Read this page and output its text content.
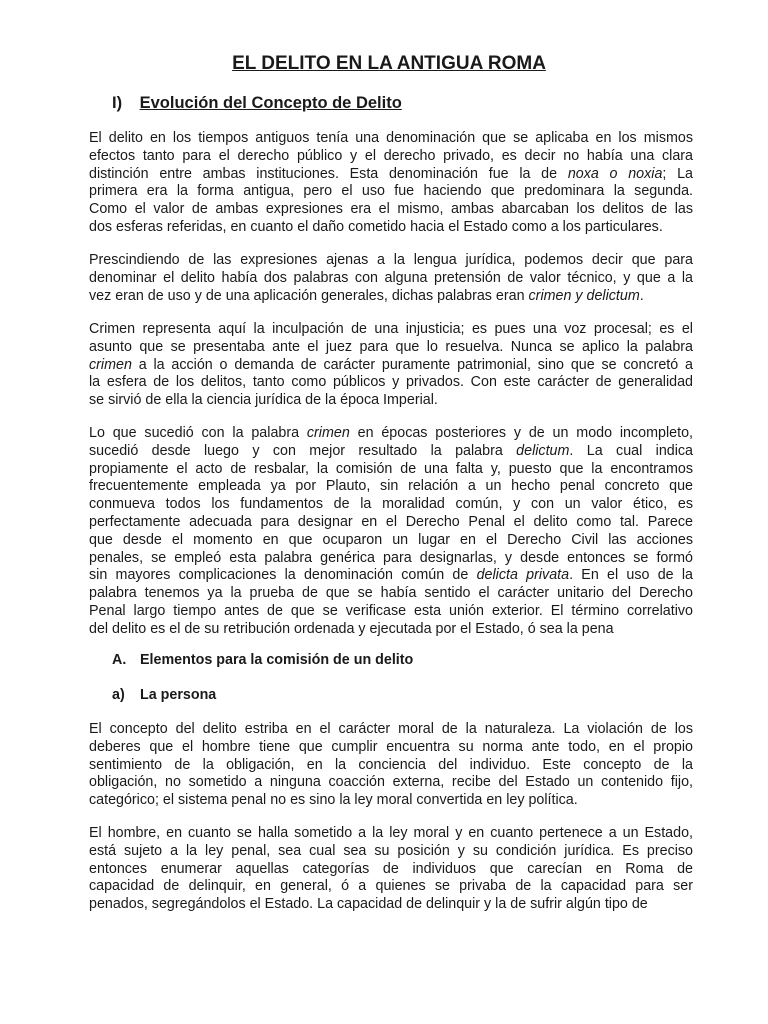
EL DELITO EN LA ANTIGUA ROMA
I) Evolución del Concepto de Delito
El delito en los tiempos antiguos tenía una denominación que se aplicaba en los mismos
efectos tanto para el derecho público y el derecho privado, es decir no había una clara
distinción entre ambas instituciones. Esta denominación fue la de noxa o noxia; La
primera era la forma antigua, pero el uso fue haciendo que predominara la segunda.
Como el valor de ambas expresiones era el mismo, ambas abarcaban los delitos de las
dos esferas referidas, en cuanto el daño cometido hacia el Estado como a los particulares.
Prescindiendo de las expresiones ajenas a la lengua jurídica, podemos decir que para
denominar el delito había dos palabras con alguna pretensión de valor técnico, y que a la
vez eran de uso y de una aplicación generales, dichas palabras eran crimen y delictum.
Crimen representa aquí la inculpación de una injusticia; es pues una voz procesal; es el
asunto que se presentaba ante el juez para que lo resuelva. Nunca se aplico la palabra
crimen a la acción o demanda de carácter puramente patrimonial, sino que se concretó a
la esfera de los delitos, tanto como públicos y privados. Con este carácter de generalidad
se sirvió de ella la ciencia jurídica de la época Imperial.
Lo que sucedió con la palabra crimen en épocas posteriores y de un modo incompleto,
sucedió desde luego y con mejor resultado la palabra delictum. La cual indica
propiamente el acto de resbalar, la comisión de una falta y, puesto que la encontramos
frecuentemente empleada ya por Plauto, sin relación a un hecho penal concreto que
conmueva todos los fundamentos de la moralidad común, y con un valor ético, es
perfectamente adecuada para designar en el Derecho Penal el delito como tal. Parece
que desde el momento en que ocuparon un lugar en el Derecho Civil las acciones
penales, se empleó esta palabra genérica para designarlas, y desde entonces se formó
sin mayores complicaciones la denominación común de delicta privata. En el uso de la
palabra tenemos ya la prueba de que se había sentido el carácter unitario del Derecho
Penal largo tiempo antes de que se verificase esta unión exterior. El término correlativo
del delito es el de su retribución ordenada y ejecutada por el Estado, ó sea la pena
A. Elementos para la comisión de un delito
a) La persona
El concepto del delito estriba en el carácter moral de la naturaleza. La violación de los
deberes que el hombre tiene que cumplir encuentra su norma ante todo, en el propio
sentimiento de la obligación, en la conciencia del individuo. Este concepto de la
obligación, no sometido a ninguna coacción externa, recibe del Estado un contenido fijo,
categórico; el sistema penal no es sino la ley moral convertida en ley política.
El hombre, en cuanto se halla sometido a la ley moral y en cuanto pertenece a un Estado,
está sujeto a la ley penal, sea cual sea su posición y su condición jurídica. Es preciso
entonces enumerar aquellas categorías de individuos que carecían en Roma de
capacidad de delinquir, en general, ó a quienes se privaba de la capacidad para ser
penados, segregándolos el Estado. La capacidad de delinquir y la de sufrir algún tipo de
